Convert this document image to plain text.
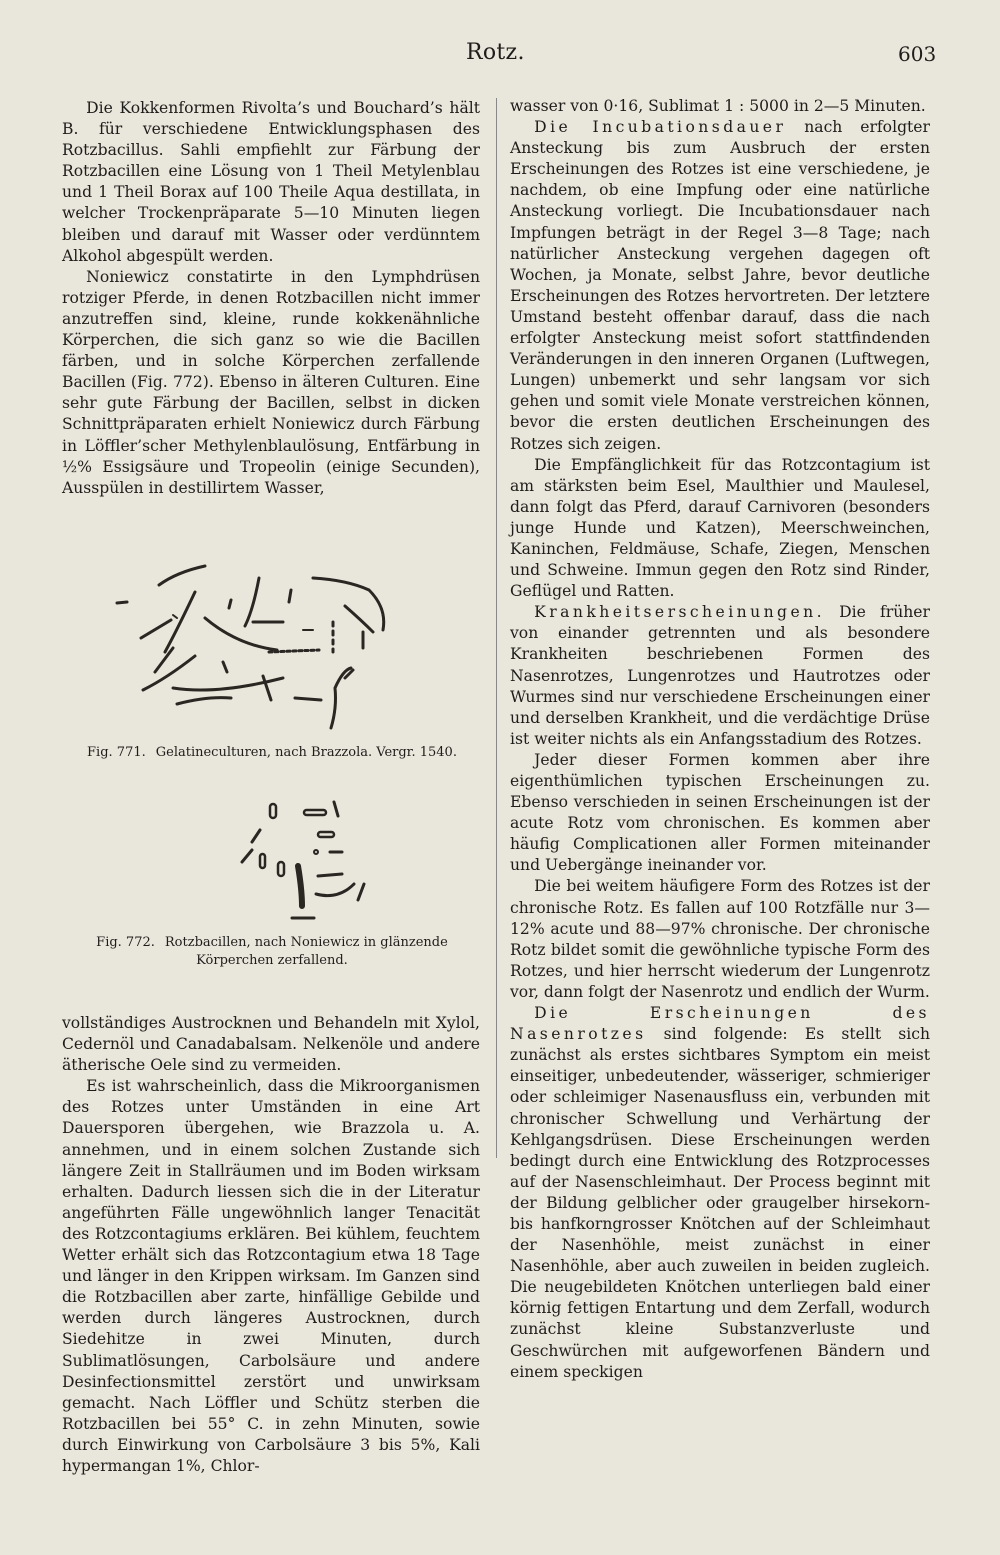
Rotz.	603

Die Kokkenformen Rivolta’s und Bouchard’s hält B. für verschiedene Entwicklungsphasen des Rotzbacillus. Sahli empfiehlt zur Färbung der Rotzbacillen eine Lösung von 1 Theil Metylenblau und 1 Theil Borax auf 100 Theile Aqua destillata, in welcher Trockenpräparate 5—10 Minuten liegen bleiben und darauf mit Wasser oder verdünntem Alkohol abgespült werden.

Noniewicz constatirte in den Lymphdrüsen rotziger Pferde, in denen Rotzbacillen nicht immer anzutreffen sind, kleine, runde kokkenähnliche Körperchen, die sich ganz so wie die Bacillen färben, und in solche Körperchen zerfallende Bacillen (Fig. 772). Ebenso in älteren Culturen. Eine sehr gute Färbung der Bacillen, selbst in dicken Schnittpräparaten erhielt Noniewicz durch Färbung in Löffler’scher Methylenblaulösung, Entfärbung in ½% Essigsäure und Tropeolin (einige Secunden), Ausspülen in destillirtem Wasser,

Fig. 771. Gelatineculturen, nach Brazzola. Vergr. 1540.
Fig. 772. Rotzbacillen, nach Noniewicz in glänzende Körperchen zerfallend.

vollständiges Austrocknen und Behandeln mit Xylol, Cedernöl und Canadabalsam. Nelkenöle und andere ätherische Oele sind zu vermeiden.

Es ist wahrscheinlich, dass die Mikroorganismen des Rotzes unter Umständen in eine Art Dauersporen übergehen, wie Brazzola u. A. annehmen, und in einem solchen Zustande sich längere Zeit in Stallräumen und im Boden wirksam erhalten. Dadurch liessen sich die in der Literatur angeführten Fälle ungewöhnlich langer Tenacität des Rotzcontagiums erklären. Bei kühlem, feuchtem Wetter erhält sich das Rotzcontagium etwa 18 Tage und länger in den Krippen wirksam. Im Ganzen sind die Rotzbacillen aber zarte, hinfällige Gebilde und werden durch längeres Austrocknen, durch Siedehitze in zwei Minuten, durch Sublimatlösungen, Carbolsäure und andere Desinfectionsmittel zerstört und unwirksam gemacht. Nach Löffler und Schütz sterben die Rotzbacillen bei 55° C. in zehn Minuten, sowie durch Einwirkung von Carbolsäure 3 bis 5%, Kali hypermangan 1%, Chlor-

wasser von 0·16, Sublimat 1 : 5000 in 2—5 Minuten.

Die Incubationsdauer nach erfolgter Ansteckung bis zum Ausbruch der ersten Erscheinungen des Rotzes ist eine verschiedene, je nachdem, ob eine Impfung oder eine natürliche Ansteckung vorliegt. Die Incubationsdauer nach Impfungen beträgt in der Regel 3—8 Tage; nach natürlicher Ansteckung vergehen dagegen oft Wochen, ja Monate, selbst Jahre, bevor deutliche Erscheinungen des Rotzes hervortreten. Der letztere Umstand besteht offenbar darauf, dass die nach erfolgter Ansteckung meist sofort stattfindenden Veränderungen in den inneren Organen (Luftwegen, Lungen) unbemerkt und sehr langsam vor sich gehen und somit viele Monate verstreichen können, bevor die ersten deutlichen Erscheinungen des Rotzes sich zeigen.

Die Empfänglichkeit für das Rotzcontagium ist am stärksten beim Esel, Maulthier und Maulesel, dann folgt das Pferd, darauf Carnivoren (besonders junge Hunde und Katzen), Meerschweinchen, Kaninchen, Feldmäuse, Schafe, Ziegen, Menschen und Schweine. Immun gegen den Rotz sind Rinder, Geflügel und Ratten.

Krankheitserscheinungen. Die früher von einander getrennten und als besondere Krankheiten beschriebenen Formen des Nasenrotzes, Lungenrotzes und Hautrotzes oder Wurmes sind nur verschiedene Erscheinungen einer und derselben Krankheit, und die verdächtige Drüse ist weiter nichts als ein Anfangsstadium des Rotzes.

Jeder dieser Formen kommen aber ihre eigenthümlichen typischen Erscheinungen zu. Ebenso verschieden in seinen Erscheinungen ist der acute Rotz vom chronischen. Es kommen aber häufig Complicationen aller Formen miteinander und Uebergänge ineinander vor.

Die bei weitem häufigere Form des Rotzes ist der chronische Rotz. Es fallen auf 100 Rotzfälle nur 3—12% acute und 88—97% chronische. Der chronische Rotz bildet somit die gewöhnliche typische Form des Rotzes, und hier herrscht wiederum der Lungenrotz vor, dann folgt der Nasenrotz und endlich der Wurm.

Die Erscheinungen des Nasenrotzes sind folgende: Es stellt sich zunächst als erstes sichtbares Symptom ein meist einseitiger, unbedeutender, wässeriger, schmieriger oder schleimiger Nasenausfluss ein, verbunden mit chronischer Schwellung und Verhärtung der Kehlgangsdrüsen. Diese Erscheinungen werden bedingt durch eine Entwicklung des Rotzprocesses auf der Nasenschleimhaut. Der Process beginnt mit der Bildung gelblicher oder graugelber hirsekorn- bis hanfkorngrosser Knötchen auf der Schleimhaut der Nasenhöhle, meist zunächst in einer Nasenhöhle, aber auch zuweilen in beiden zugleich. Die neugebildeten Knötchen unterliegen bald einer körnig fettigen Entartung und dem Zerfall, wodurch zunächst kleine Substanzverluste und Geschwürchen mit aufgeworfenen Bändern und einem speckigen
